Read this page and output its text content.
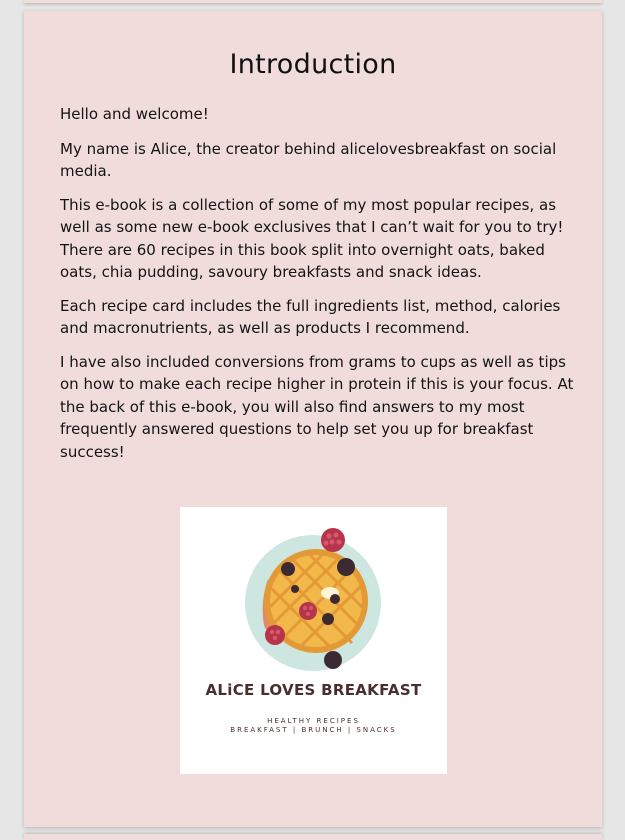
Introduction

Hello and welcome!

My name is Alice, the creator behind alicelovesbreakfast on social media.

This e-book is a collection of some of my most popular recipes, as well as some new e-book exclusives that I can’t wait for you to try! There are 60 recipes in this book split into overnight oats, baked oats, chia pudding, savoury breakfasts and snack ideas.

Each recipe card includes the full ingredients list, method, calories and macronutrients, as well as products I recommend.

I have also included conversions from grams to cups as well as tips on how to make each recipe higher in protein if this is your focus. At the back of this e-book, you will also find answers to my most frequently answered questions to help set you up for breakfast success!

ALiCE LOVES BREAKFAST
HEALTHY RECIPES
BREAKFAST | BRUNCH | SNACKS
